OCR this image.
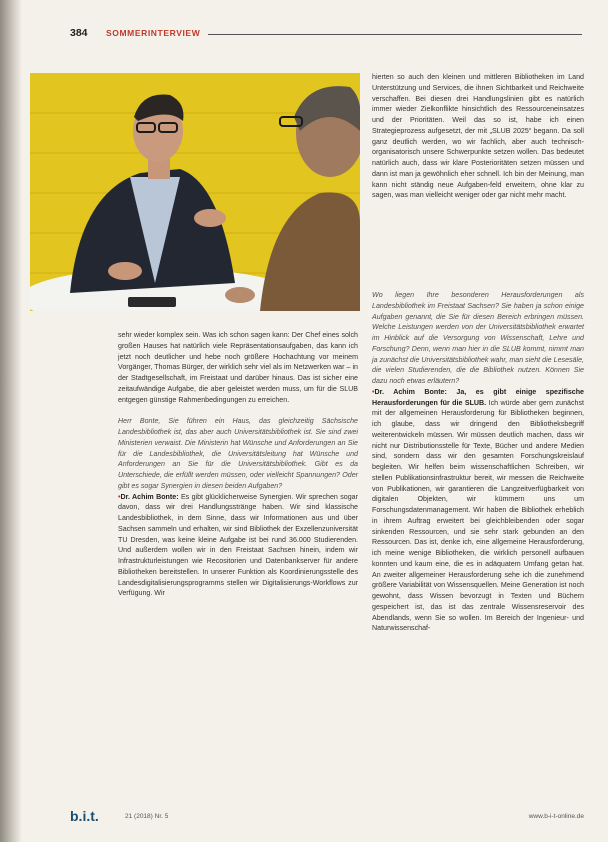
384 SOMMERINTERVIEW

hierten so auch den kleinen und mittleren Bibliotheken im Land Unterstützung und Services, die ihnen Sichtbarkeit und Reichweite verschaffen. Bei diesen drei Handlungslinien gibt es natürlich immer wieder Zielkonflikte hinsichtlich des Ressourceneinsatzes und der Prioritäten. Weil das so ist, habe ich einen Strategieprozess aufgesetzt, der mit „SLUB 2025“ begann. Da soll ganz deutlich werden, wo wir fachlich, aber auch technisch-organisatorisch unsere Schwerpunkte setzen wollen. Das bedeutet natürlich auch, dass wir klare Posterioritäten setzen müssen und dann ist man ja gewöhnlich eher schnell. Ich bin der Meinung, man kann nicht ständig neue Aufgaben-feld erweitern, ohne klar zu sagen, was man vielleicht weniger oder gar nicht mehr macht.

sehr wieder komplex sein. Was ich schon sagen kann: Der Chef eines solch großen Hauses hat natürlich viele Repräsentationsaufgaben, das kann ich jetzt noch deutlicher und hebe noch größere Hochachtung vor meinem Vorgänger, Thomas Bürger, der wirklich sehr viel als im Netzwerken war – in der Stadtgesellschaft, im Freistaat und darüber hinaus. Das ist sicher eine zeitaufwändige Aufgabe, die aber geleistet werden muss, um für die SLUB entgegen günstige Rahmenbedingungen zu erreichen.

Herr Bonte, Sie führen ein Haus, das gleichzeitig Sächsische Landesbibliothek ist, das aber auch Universitätsbibliothek ist. Sie sind zwei Ministerien verwaist. Die Ministerin hat Wünsche und Anforderungen an Sie für die Landesbibliothek, die Universitätsleitung hat Wünsche und Anforderungen an Sie für die Universitätsbibliothek. Gibt es da Unterschiede, die erfüllt werden müssen, oder vielleicht Spannungen? Oder gibt es sogar Synergien in diesen beiden Aufgaben?

•Dr. Achim Bonte: Es gibt glücklicherweise Synergien. Wir sprechen sogar davon, dass wir drei Handlungsstränge haben. Wir sind klassische Landesbibliothek, in dem Sinne, dass wir Informationen aus und über Sachsen sammeln und erhalten, wir sind Bibliothek der Exzellenzuniversität TU Dresden, was keine kleine Aufgabe ist bei rund 36.000 Studierenden. Und außerdem wollen wir in den Freistaat Sachsen hinein, indem wir Infrastrukturleistungen wie Recositorien und Datenbankserver für andere Bibliotheken bereitstellen. In unserer Funktion als Koordinierungsstelle des Landesdigitalisierungsprogramms stellen wir Digitalisierungs-Workflows zur Verfügung. Wir

Wo liegen Ihre besonderen Herausforderungen als Landesbibliothek im Freistaat Sachsen? Sie haben ja schon einige Aufgaben genannt, die Sie für diesen Bereich erbringen müssen. Welche Leistungen werden von der Universitätsbibliothek erwartet im Hinblick auf die Versorgung von Wissenschaft, Lehre und Forschung? Denn, wenn man hier in die SLUB kommt, nimmt man ja zunächst die Universitätsbibliothek wahr, man sieht die Lesesäle, die vielen Studierenden, die die Bibliothek nutzen. Können Sie dazu noch etwas erläutern?

•Dr. Achim Bonte: Ja, es gibt einige spezifische Herausforderungen für die SLUB. Ich würde aber gern zunächst mit der allgemeinen Herausforderung für Bibliotheken beginnen, ich glaube, dass wir dringend den Bibliotheksbegriff weiterentwickeln müssen. Wir müssen deutlich machen, dass wir nicht nur Distributionsstelle für Texte, Bücher und andere Medien sind, sondern dass wir den gesamten Forschungskreislauf begleiten. Wir helfen beim wissenschaftlichen Schreiben, wir stellen Publikationsinfrastruktur bereit, wir messen die Reichweite von Publikationen, wir garantieren die Langzeitverfügbarkeit von digitalen Objekten, wir kümmern uns um Forschungsdatenmanagement. Wir haben die Bibliothek erheblich in ihrem Auftrag erweitert bei gleichbleibenden oder sogar sinkenden Ressourcen, und sie sehr stark gebunden an den Ressourcen. Das ist, denke ich, eine allgemeine Herausforderung, ich meine wenige Bibliotheken, die wirklich personell aufbauen konnten und kaum eine, die es in adäquatem Umfang getan hat. An zweiter allgemeiner Herausforderung sehe ich die zunehmend größere Variabilität von Wissensquellen. Meine Generation ist noch gewohnt, dass Wissen bevorzugt in Texten und Büchern gespeichert ist, das ist das zentrale Wissensreservoir des Abendlands, wenn Sie so wollen. Im Bereich der Ingenieur- und Naturwissenschaf-

b.i.t.	21 (2018) Nr. 5	www.b-i-t-online.de
